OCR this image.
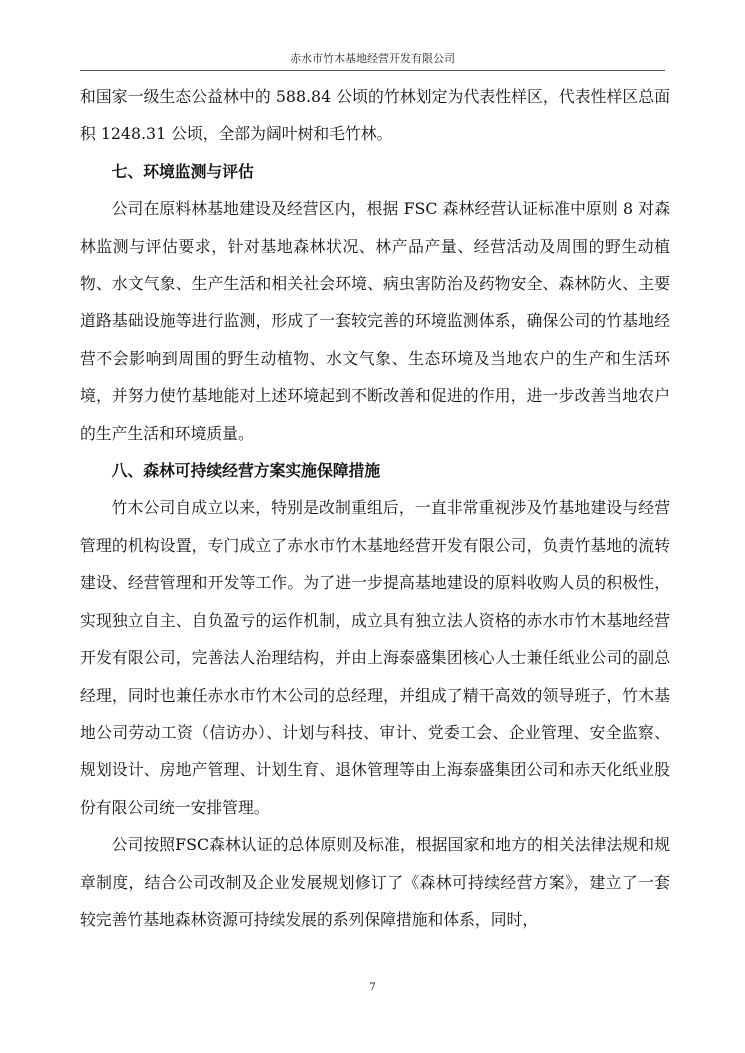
赤水市竹木基地经营开发有限公司

和国家一级生态公益林中的 588.84 公顷的竹林划定为代表性样区，代表性样区总面积 1248.31 公顷，全部为阔叶树和毛竹林。

七、环境监测与评估

公司在原料林基地建设及经营区内，根据 FSC 森林经营认证标准中原则 8 对森林监测与评估要求，针对基地森林状况、林产品产量、经营活动及周围的野生动植物、水文气象、生产生活和相关社会环境、病虫害防治及药物安全、森林防火、主要道路基础设施等进行监测，形成了一套较完善的环境监测体系，确保公司的竹基地经营不会影响到周围的野生动植物、水文气象、生态环境及当地农户的生产和生活环境，并努力使竹基地能对上述环境起到不断改善和促进的作用，进一步改善当地农户的生产生活和环境质量。

八、森林可持续经营方案实施保障措施

竹木公司自成立以来，特别是改制重组后，一直非常重视涉及竹基地建设与经营管理的机构设置，专门成立了赤水市竹木基地经营开发有限公司，负责竹基地的流转建设、经营管理和开发等工作。为了进一步提高基地建设的原料收购人员的积极性，实现独立自主、自负盈亏的运作机制，成立具有独立法人资格的赤水市竹木基地经营开发有限公司，完善法人治理结构，并由上海泰盛集团核心人士兼任纸业公司的副总经理，同时也兼任赤水市竹木公司的总经理，并组成了精干高效的领导班子，竹木基地公司劳动工资（信访办）、计划与科技、审计、党委工会、企业管理、安全监察、规划设计、房地产管理、计划生育、退休管理等由上海泰盛集团公司和赤天化纸业股份有限公司统一安排管理。

公司按照FSC森林认证的总体原则及标准，根据国家和地方的相关法律法规和规章制度，结合公司改制及企业发展规划修订了《森林可持续经营方案》，建立了一套较完善竹基地森林资源可持续发展的系列保障措施和体系，同时，

7
